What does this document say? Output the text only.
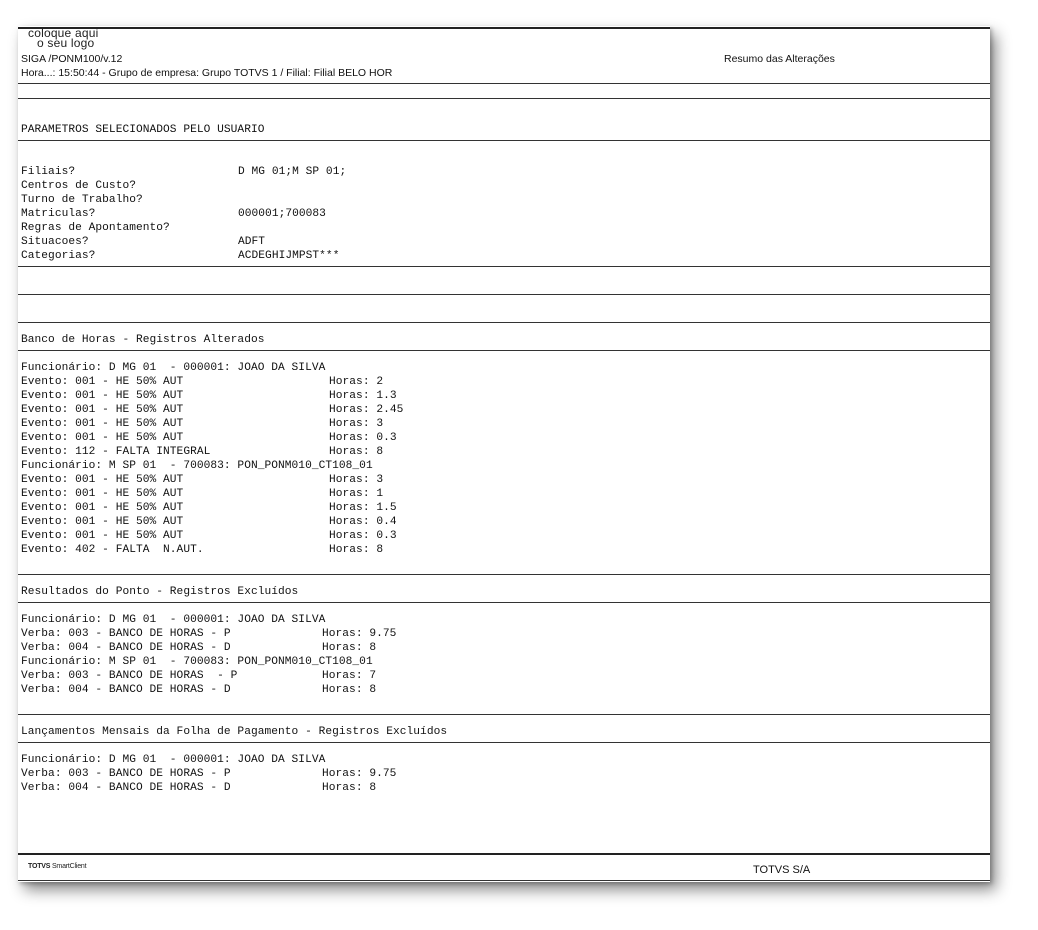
coloque aqui
o seu logo
SIGA /PONM100/v.12
Hora...: 15:50:44 - Grupo de empresa: Grupo TOTVS 1 / Filial: Filial BELO HOR
Resumo das Alterações
PARAMETROS SELECIONADOS PELO USUARIO
Filiais?	D MG 01;M SP 01;
Centros de Custo?
Turno de Trabalho?
Matriculas?	000001;700083
Regras de Apontamento?
Situacoes?	ADFT
Categorias?	ACDEGHIJMPST***
Banco de Horas - Registros Alterados
Funcionário: D MG 01  - 000001: JOAO DA SILVA
Evento: 001 - HE 50% AUT	Horas: 2
Evento: 001 - HE 50% AUT	Horas: 1.3
Evento: 001 - HE 50% AUT	Horas: 2.45
Evento: 001 - HE 50% AUT	Horas: 3
Evento: 001 - HE 50% AUT	Horas: 0.3
Evento: 112 - FALTA INTEGRAL	Horas: 8
Funcionário: M SP 01  - 700083: PON_PONM010_CT108_01
Evento: 001 - HE 50% AUT	Horas: 3
Evento: 001 - HE 50% AUT	Horas: 1
Evento: 001 - HE 50% AUT	Horas: 1.5
Evento: 001 - HE 50% AUT	Horas: 0.4
Evento: 001 - HE 50% AUT	Horas: 0.3
Evento: 402 - FALTA  N.AUT.	Horas: 8
Resultados do Ponto - Registros Excluídos
Funcionário: D MG 01  - 000001: JOAO DA SILVA
Verba: 003 - BANCO DE HORAS - P	Horas: 9.75
Verba: 004 - BANCO DE HORAS - D	Horas: 8
Funcionário: M SP 01  - 700083: PON_PONM010_CT108_01
Verba: 003 - BANCO DE HORAS  - P	Horas: 7
Verba: 004 - BANCO DE HORAS - D	Horas: 8
Lançamentos Mensais da Folha de Pagamento - Registros Excluídos
Funcionário: D MG 01  - 000001: JOAO DA SILVA
Verba: 003 - BANCO DE HORAS - P	Horas: 9.75
Verba: 004 - BANCO DE HORAS - D	Horas: 8
TOTVS SmartClient	TOTVS S/A
